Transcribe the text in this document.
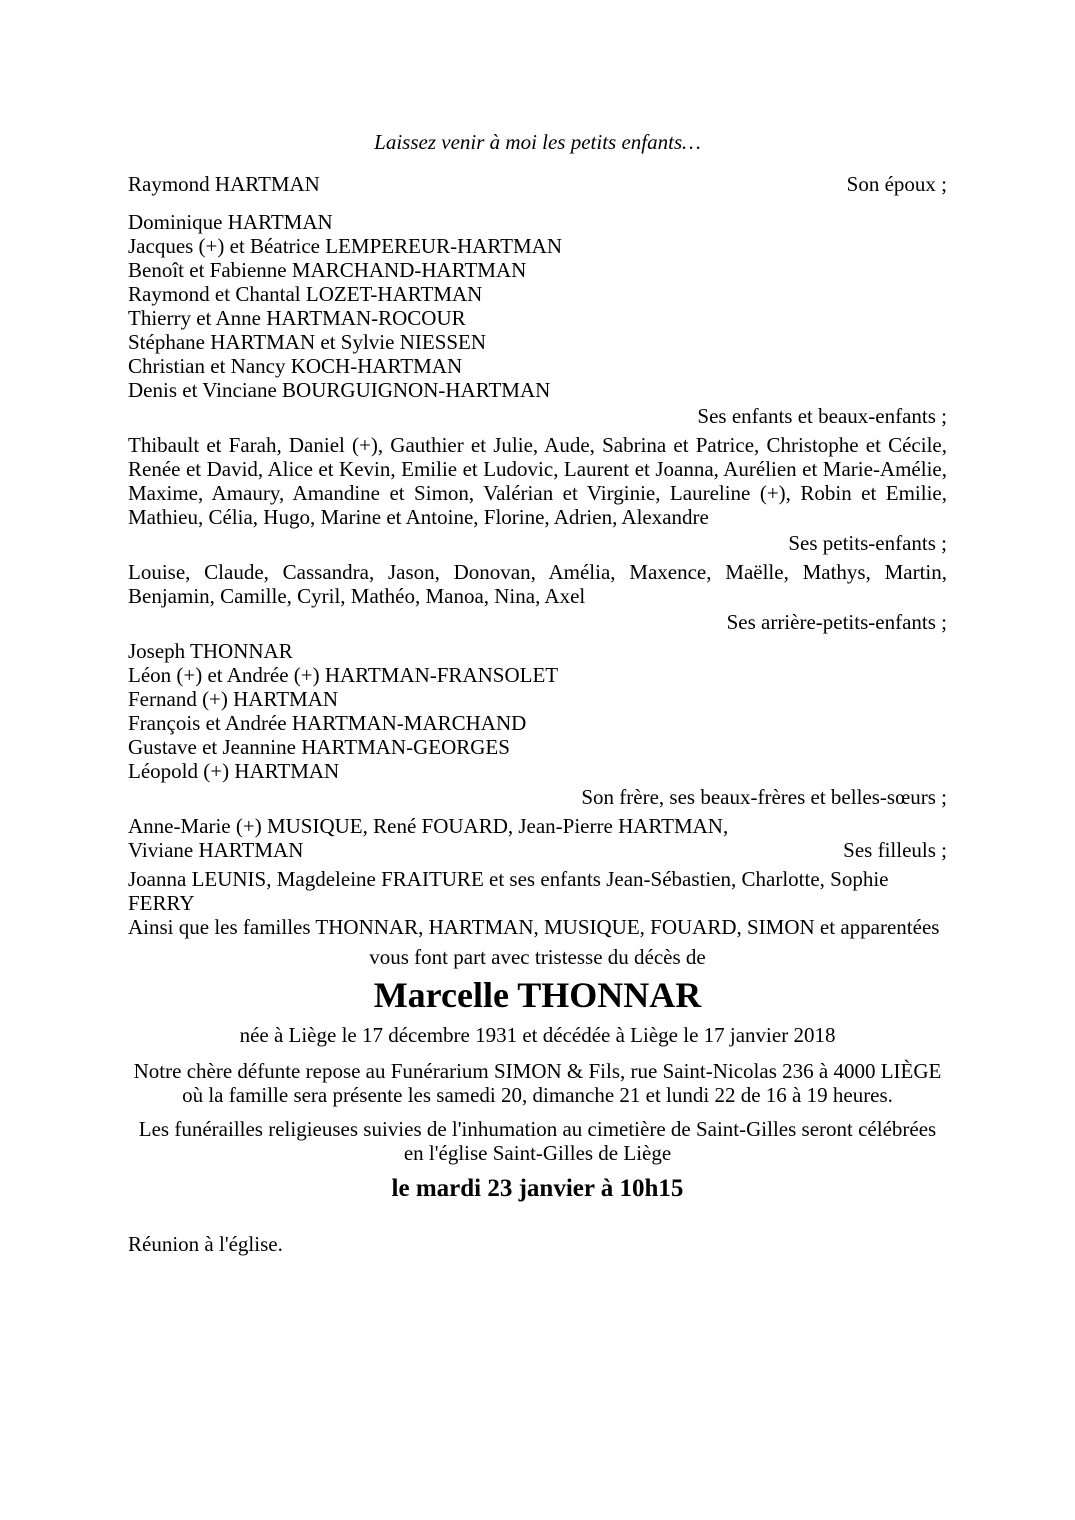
Laissez venir à moi les petits enfants…

Raymond HARTMAN	Son époux ;
Dominique HARTMAN
Jacques (+) et Béatrice LEMPEREUR-HARTMAN
Benoît et Fabienne MARCHAND-HARTMAN
Raymond et Chantal LOZET-HARTMAN
Thierry et Anne HARTMAN-ROCOUR
Stéphane HARTMAN et Sylvie NIESSEN
Christian et Nancy KOCH-HARTMAN
Denis et Vinciane BOURGUIGNON-HARTMAN
Ses enfants et beaux-enfants ;

Thibault et Farah, Daniel (+), Gauthier et Julie, Aude, Sabrina et Patrice, Christophe et Cécile, Renée et David, Alice et Kevin, Emilie et Ludovic, Laurent et Joanna, Aurélien et Marie-Amélie, Maxime, Amaury, Amandine et Simon, Valérian et Virginie, Laureline (+), Robin et Emilie, Mathieu, Célia, Hugo, Marine et Antoine, Florine, Adrien, Alexandre

Ses petits-enfants ;

Louise, Claude, Cassandra, Jason, Donovan, Amélia, Maxence, Maëlle, Mathys, Martin, Benjamin, Camille, Cyril, Mathéo, Manoa, Nina, Axel

Ses arrière-petits-enfants ;
Joseph THONNAR
Léon (+) et Andrée (+) HARTMAN-FRANSOLET
Fernand (+) HARTMAN
François et Andrée HARTMAN-MARCHAND
Gustave et Jeannine HARTMAN-GEORGES
Léopold (+) HARTMAN
Son frère, ses beaux-frères et belles-sœurs ;
Anne-Marie (+) MUSIQUE, René FOUARD, Jean-Pierre HARTMAN,
Viviane HARTMAN	Ses filleuls ;
Joanna LEUNIS, Magdeleine FRAITURE et ses enfants Jean-Sébastien, Charlotte, Sophie FERRY
Ainsi que les familles THONNAR, HARTMAN, MUSIQUE, FOUARD, SIMON et apparentées

vous font part avec tristesse du décès de

Marcelle THONNAR

née à Liège le 17 décembre 1931 et décédée à Liège le 17 janvier 2018

Notre chère défunte repose au Funérarium SIMON & Fils, rue Saint-Nicolas 236 à 4000 LIÈGE
où la famille sera présente les samedi 20, dimanche 21 et lundi 22 de 16 à 19 heures.
Les funérailles religieuses suivies de l'inhumation au cimetière de Saint-Gilles seront célébrées
en l'église Saint-Gilles de Liège

le mardi 23 janvier à 10h15

Réunion à l'église.
